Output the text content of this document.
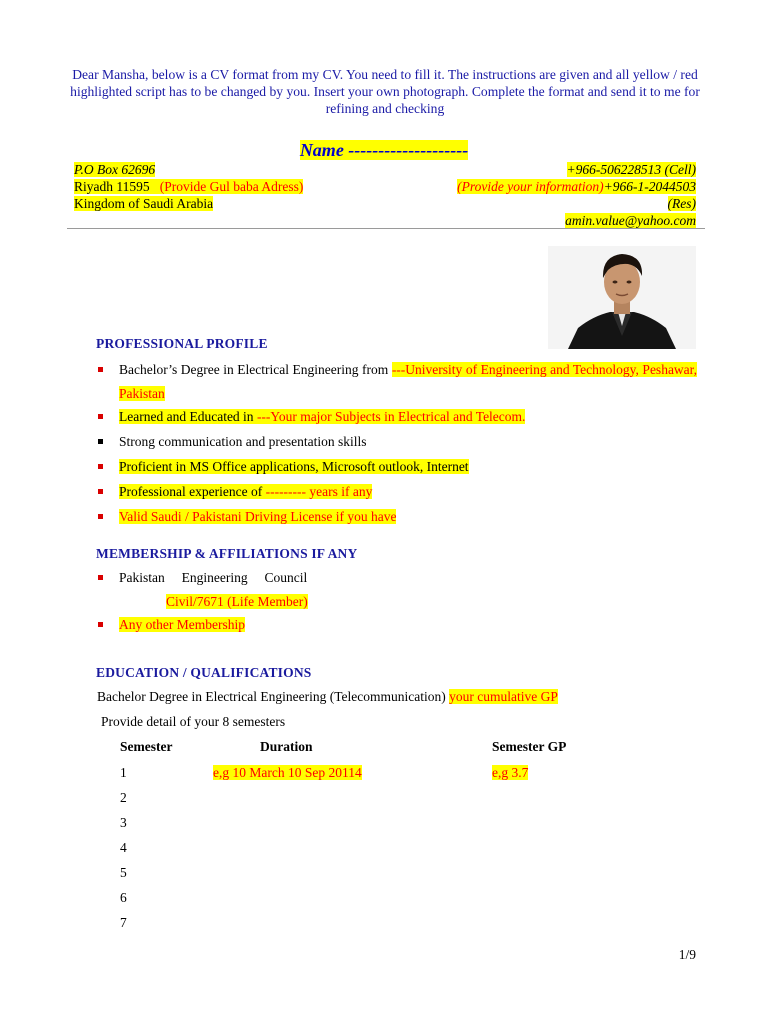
Dear Mansha, below is a CV format from my CV. You need to fill it. The instructions are given and all yellow / red highlighted script has to be changed by you. Insert your own photograph. Complete the format and send it to me for refining and checking
Name --------------------
P.O Box 62696
Riyadh 11595 (Provide Gul baba Adress)
Kingdom of Saudi Arabia
+966-506228513 (Cell)
(Provide your information)+966-1-2044503
(Res)
amin.value@yahoo.com
PROFESSIONAL PROFILE
Bachelor’s Degree in Electrical Engineering from ---University of Engineering and Technology, Peshawar, Pakistan
Learned and Educated in ---Your major Subjects in Electrical and Telecom.
Strong communication and presentation skills
Proficient in MS Office applications, Microsoft outlook, Internet
Professional experience of --------- years if any
Valid Saudi / Pakistani Driving License if you have
MEMBERSHIP & AFFILIATIONS IF ANY
Pakistan     Engineering     Council
Civil/7671 (Life Member)
Any other Membership
EDUCATION / QUALIFICATIONS
Bachelor Degree in Electrical Engineering (Telecommunication) your cumulative GP
Provide detail of your 8 semesters
Semester	Duration	Semester GP
1	e,g 10 March 10 Sep 20114	e,g 3.7
2
3
4
5
6
7
1/9
